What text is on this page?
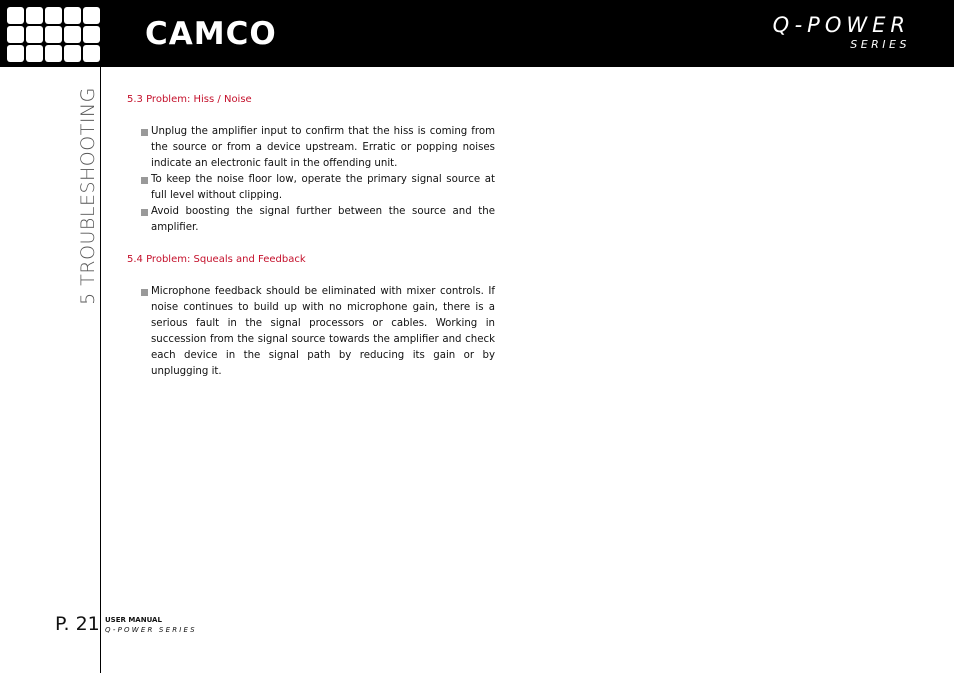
CAMCO	Q-POWER
SERIES
5 TROUBLESHOOTING	5.3 Problem: Hiss / Noise
Unplug the amplifier input to confirm that the hiss is coming from the source or from a device upstream. Erratic or popping noises indicate an electronic fault in the offending unit.
To keep the noise floor low, operate the primary signal source at full level without clipping.
Avoid boosting the signal further between the source and the amplifier.
5.4 Problem: Squeals and Feedback
Microphone feedback should be eliminated with mixer controls. If noise continues to build up with no microphone gain, there is a serious fault in the signal processors or cables. Working in succession from the signal source towards the amplifier and check each device in the signal path by reducing its gain or by unplugging it.
P. 21 USER MANUAL
Q-POWER SERIES
